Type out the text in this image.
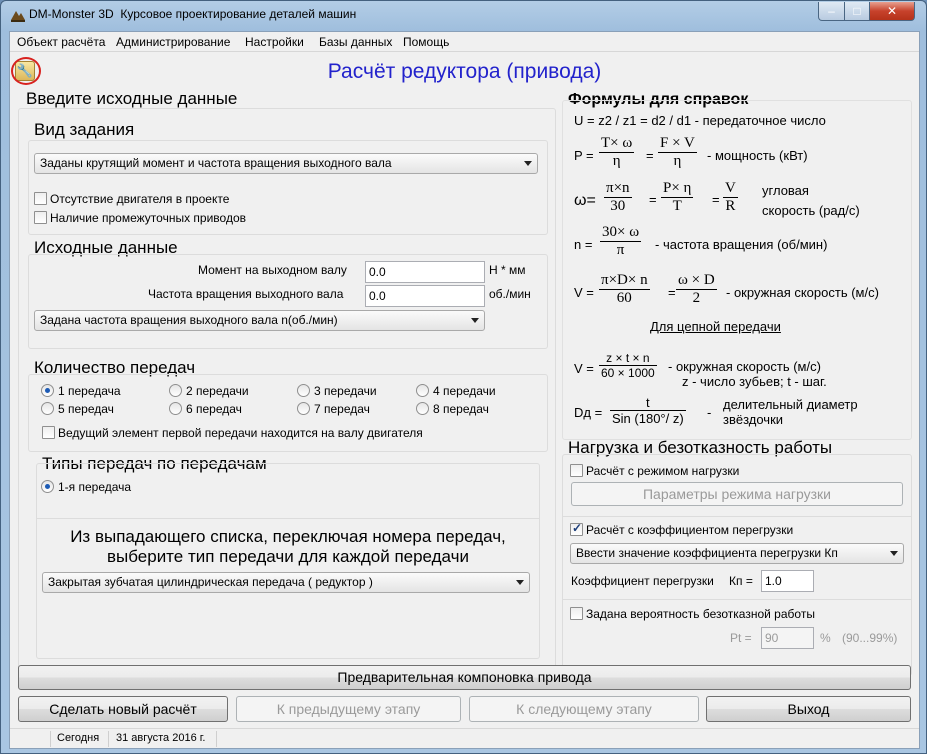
DM-Monster 3D Курсовое проектирование деталей машин	–	□	✕
Объект расчёта Администрирование Настройки Базы данных Помощь
Расчёт редуктора (привода)
🔧
Введите исходные данные
Вид задания
Заданы крутящий момент и частота вращения выходного вала
Отсутствие двигателя в проекте
Наличие промежуточных приводов
Исходные данные
Момент на выходном валу
0.0	Н * мм
Частота вращения выходного вала
0.0	об./мин
Задана частота вращения выходного вала n(об./мин)
Количество передач
1 передача	2 передачи	3 передачи	4 передачи
5 передач	6 передач	7 передач	8 передач
Ведущий элемент первой передачи находится на валу двигателя
Типы передач по передачам
1-я передача
Из выпадающего списка, переключая номера передач,
выберите тип передачи для каждой передачи
Закрытая зубчатая цилиндрическая передача ( редуктор )
Формулы для справок
U = z2 / z1 = d2 / d1 - передаточное число
$P = \frac{T\times \omega}{\eta} = \frac{F \times V}{\eta}$ - мощность (кВт)
$\omega= \frac{\pi\times n}{30} = \frac{P\times \eta}{T} = \frac{V}{R}$ угловая
скорость (рад/с)
$n = \frac{30\times \omega}{\pi}$ - частота вращения (об/мин)
$V = \frac{\pi\times D\times n}{60} = \frac{\omega \times D}{2}$ - окружная скорость (м/с)
Для цепной передачи
$V = \frac{z \times t \times n}{60 \times 1000}$ - окружная скорость (м/с)
z - число зубьев; t - шаг.
Dд =
t
Sin (180°/ z) -
делительный диаметр
звёздочки
Нагрузка и безотказность работы
Расчёт с режимом нагрузки
Параметры режима нагрузки
✓
Расчёт с коэффициентом перегрузки
Ввести значение коэффициента перегрузки Кп
Коэффициент перегрузки Кп =
1.0
Задана вероятность безотказной работы
Pt =
90	% (90...99%)
Предварительная компоновка привода
Сделать новый расчёт	К предыдущему этапу	К следующему этапу	Выход
Сегодня 31 августа 2016 г.
